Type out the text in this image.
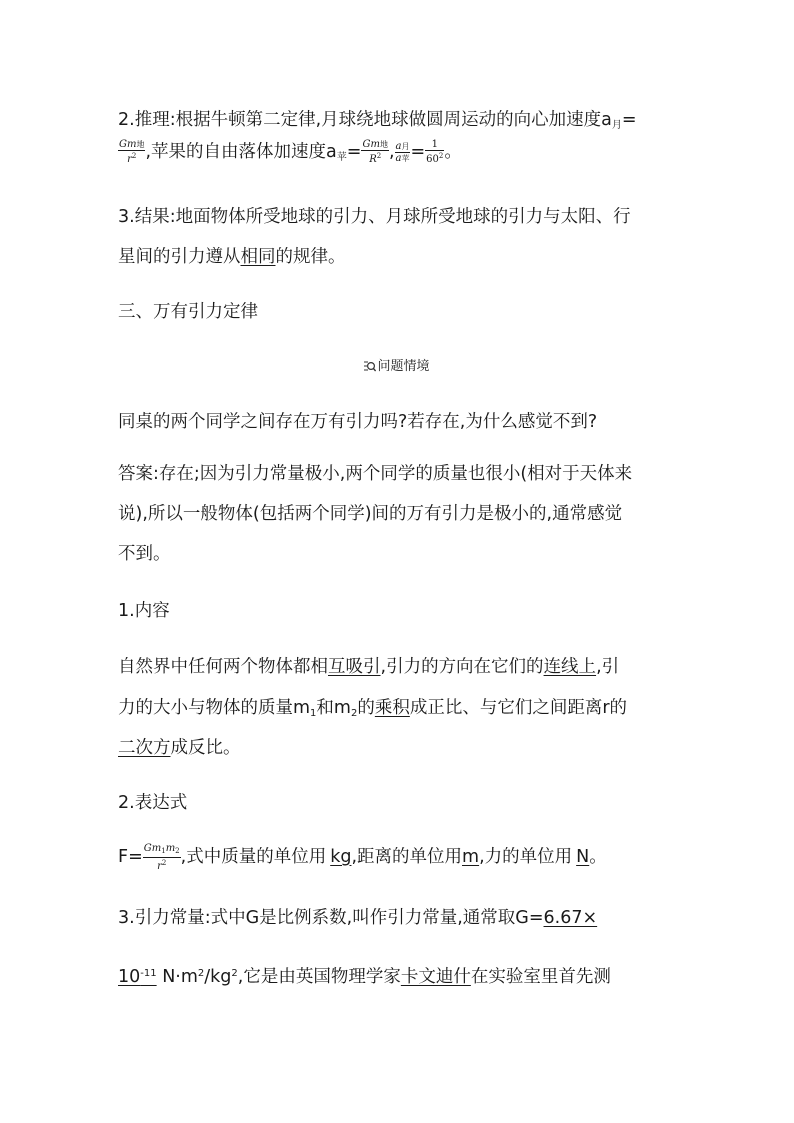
2.推理:根据牛顿第二定律,月球绕地球做圆周运动的向心加速度$a_月=$
$\frac{\text{Gm地}}{r^2}$ ,苹果的自由落体加速度$a_苹= \frac{\text{Gm地}}{R^2}$ , $\frac{\text{a月}}{\text{a苹}} = \frac{1}{60^2}$ 。
3.结果:地面物体所受地球的引力、月球所受地球的引力与太阳、行
星间的引力遵从相同的规律。
三、万有引力定律
问题情境
同桌的两个同学之间存在万有引力吗?若存在,为什么感觉不到?
答案:存在;因为引力常量极小,两个同学的质量也很小(相对于天体来
说),所以一般物体(包括两个同学)间的万有引力是极小的,通常感觉
不到。
1.内容
自然界中任何两个物体都相互吸引,引力的方向在它们的连线上,引
力的大小与物体的质量$m_1$和$m_2$的乘积成正比、与它们之间距离r的
二次方成反比。
2.表达式
$F= \frac{Gm_1m_2}{r^2}$ ,式中质量的单位用 kg,距离的单位用m,力的单位用 N。
3.引力常量:式中G是比例系数,叫作引力常量,通常取G=6.67×
$10^{-11}$ $N\cdot m^2/kg^2$,它是由英国物理学家卡文迪什在实验室里首先测
